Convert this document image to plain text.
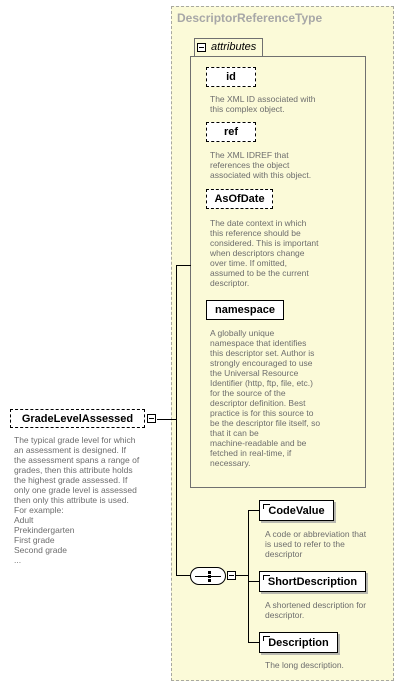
DescriptorReferenceType
attributes
id
The XML ID associated with
this complex object.
ref
The XML IDREF that
references the object
associated with this object.
AsOfDate
The date context in which
this reference should be
considered. This is important
when descriptors change
over time. If omitted,
assumed to be the current
descriptor.
namespace
A globally unique
namespace that identifies
this descriptor set. Author is
strongly encouraged to use
the Universal Resource
Identifier (http, ftp, file, etc.)
for the source of the
descriptor definition. Best
practice is for this source to
be the descriptor file itself, so
that it can be
machine-readable and be
fetched in real-time, if
necessary.
GradeLevelAssessed
The typical grade level for which
an assessment is designed. If
the assessment spans a range of
grades, then this attribute holds
the highest grade assessed. If
only one grade level is assessed
then only this attribute is used.
For example:
Adult
Prekindergarten
First grade
Second grade
...
CodeValue
A code or abbreviation that
is used to refer to the
descriptor
ShortDescription
A shortened description for
descriptor.
Description
The long description.
